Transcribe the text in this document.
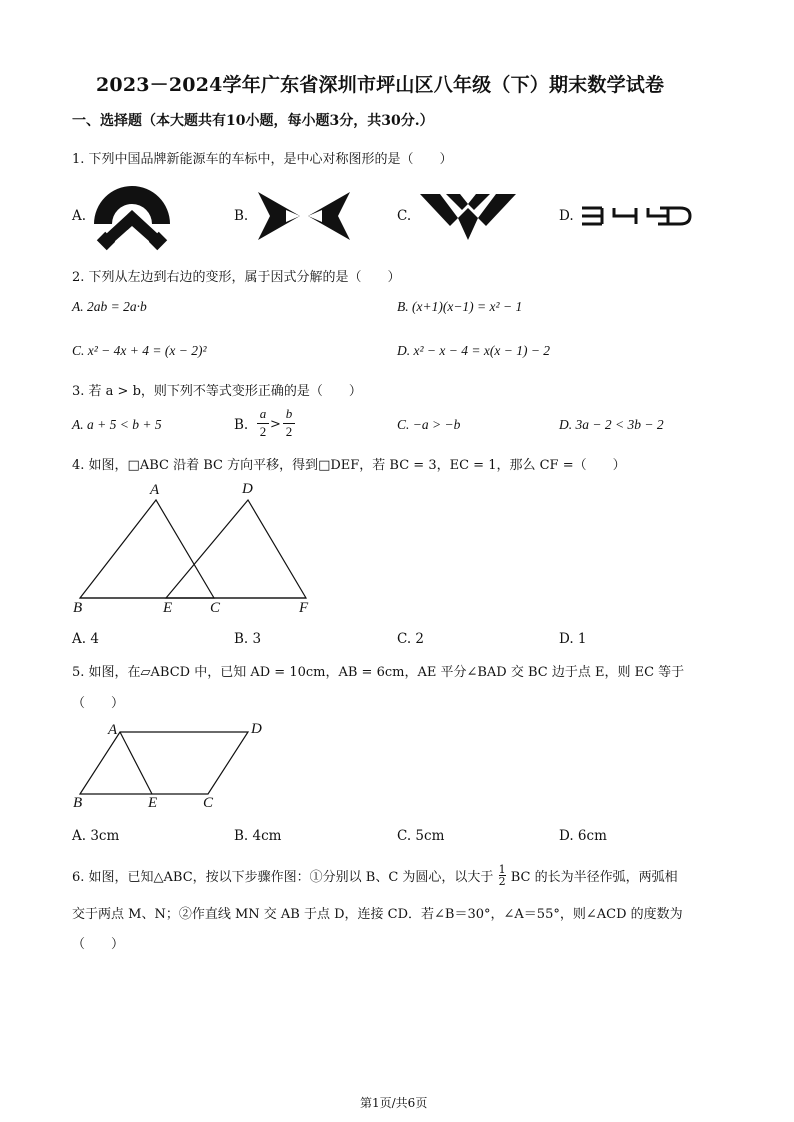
2023－2024学年广东省深圳市坪山区八年级（下）期末数学试卷
一、选择题（本大题共有10小题，每小题3分，共30分.）
1. 下列中国品牌新能源车的车标中，是中心对称图形的是（　　）
A.	B.	C.	D.
2. 下列从左边到右边的变形，属于因式分解的是（　　）
A. 2ab = 2a·b	B. (x+1)(x−1) = x² − 1
C. x² − 4x + 4 = (x − 2)²	D. x² − x − 4 = x(x − 1) − 2
3. 若 a > b，则下列不等式变形正确的是（　　）
A. a + 5 < b + 5	B.
a
2 >
b
2	C. −a > −b	D. 3a − 2 < 3b − 2
4. 如图，□ABC 沿着 BC 方向平移，得到□DEF，若 BC = 3，EC = 1，那么 CF =（　　）
A	D
B	E	C	F
A. 4	B. 3	C. 2	D. 1
5. 如图，在▱ABCD 中，已知 AD = 10cm，AB = 6cm，AE 平分∠BAD 交 BC 边于点 E，则 EC 等于
（　　）
A	D
B	E	C
A. 3cm	B. 4cm	C. 5cm	D. 6cm
6. 如图，已知△ABC，按以下步骤作图：①分别以 B、C 为圆心，以大于 $\frac{1}{2}$ BC 的长为半径作弧，两弧相
交于两点 M、N；②作直线 MN 交 AB 于点 D，连接 CD．若∠B＝30°，∠A＝55°，则∠ACD 的度数为
（　　）
第1页/共6页
